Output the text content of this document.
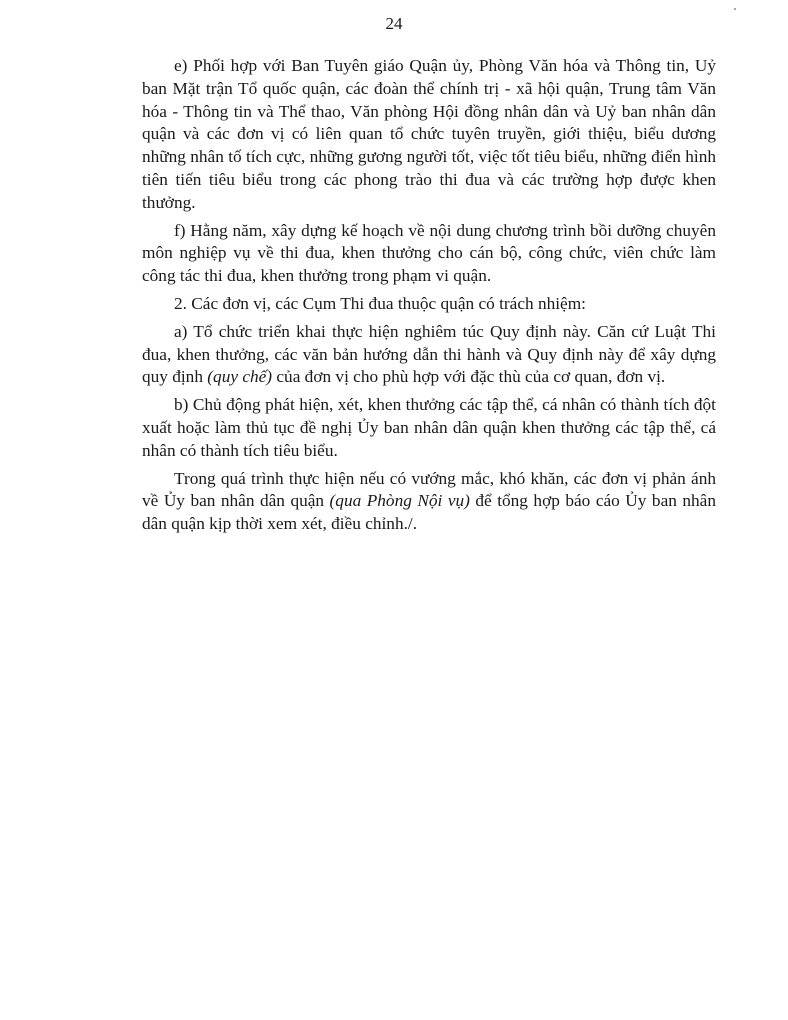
24

e) Phối hợp với Ban Tuyên giáo Quận ủy, Phòng Văn hóa và Thông tin, Uỷ ban Mặt trận Tổ quốc quận, các đoàn thể chính trị - xã hội quận, Trung tâm Văn hóa - Thông tin và Thể thao, Văn phòng Hội đồng nhân dân và Uỷ ban nhân dân quận và các đơn vị có liên quan tổ chức tuyên truyền, giới thiệu, biểu dương những nhân tố tích cực, những gương người tốt, việc tốt tiêu biểu, những điển hình tiên tiến tiêu biểu trong các phong trào thi đua và các trường hợp được khen thưởng.

f) Hằng năm, xây dựng kế hoạch về nội dung chương trình bồi dưỡng chuyên môn nghiệp vụ về thi đua, khen thưởng cho cán bộ, công chức, viên chức làm công tác thi đua, khen thưởng trong phạm vi quận.

2. Các đơn vị, các Cụm Thi đua thuộc quận có trách nhiệm:

a) Tổ chức triển khai thực hiện nghiêm túc Quy định này. Căn cứ Luật Thi đua, khen thưởng, các văn bản hướng dẫn thi hành và Quy định này để xây dựng quy định (quy chế) của đơn vị cho phù hợp với đặc thù của cơ quan, đơn vị.

b) Chủ động phát hiện, xét, khen thưởng các tập thể, cá nhân có thành tích đột xuất hoặc làm thủ tục đề nghị Ủy ban nhân dân quận khen thưởng các tập thể, cá nhân có thành tích tiêu biểu.

Trong quá trình thực hiện nếu có vướng mắc, khó khăn, các đơn vị phản ánh về Ủy ban nhân dân quận (qua Phòng Nội vụ) để tổng hợp báo cáo Ủy ban nhân dân quận kịp thời xem xét, điều chỉnh./.
